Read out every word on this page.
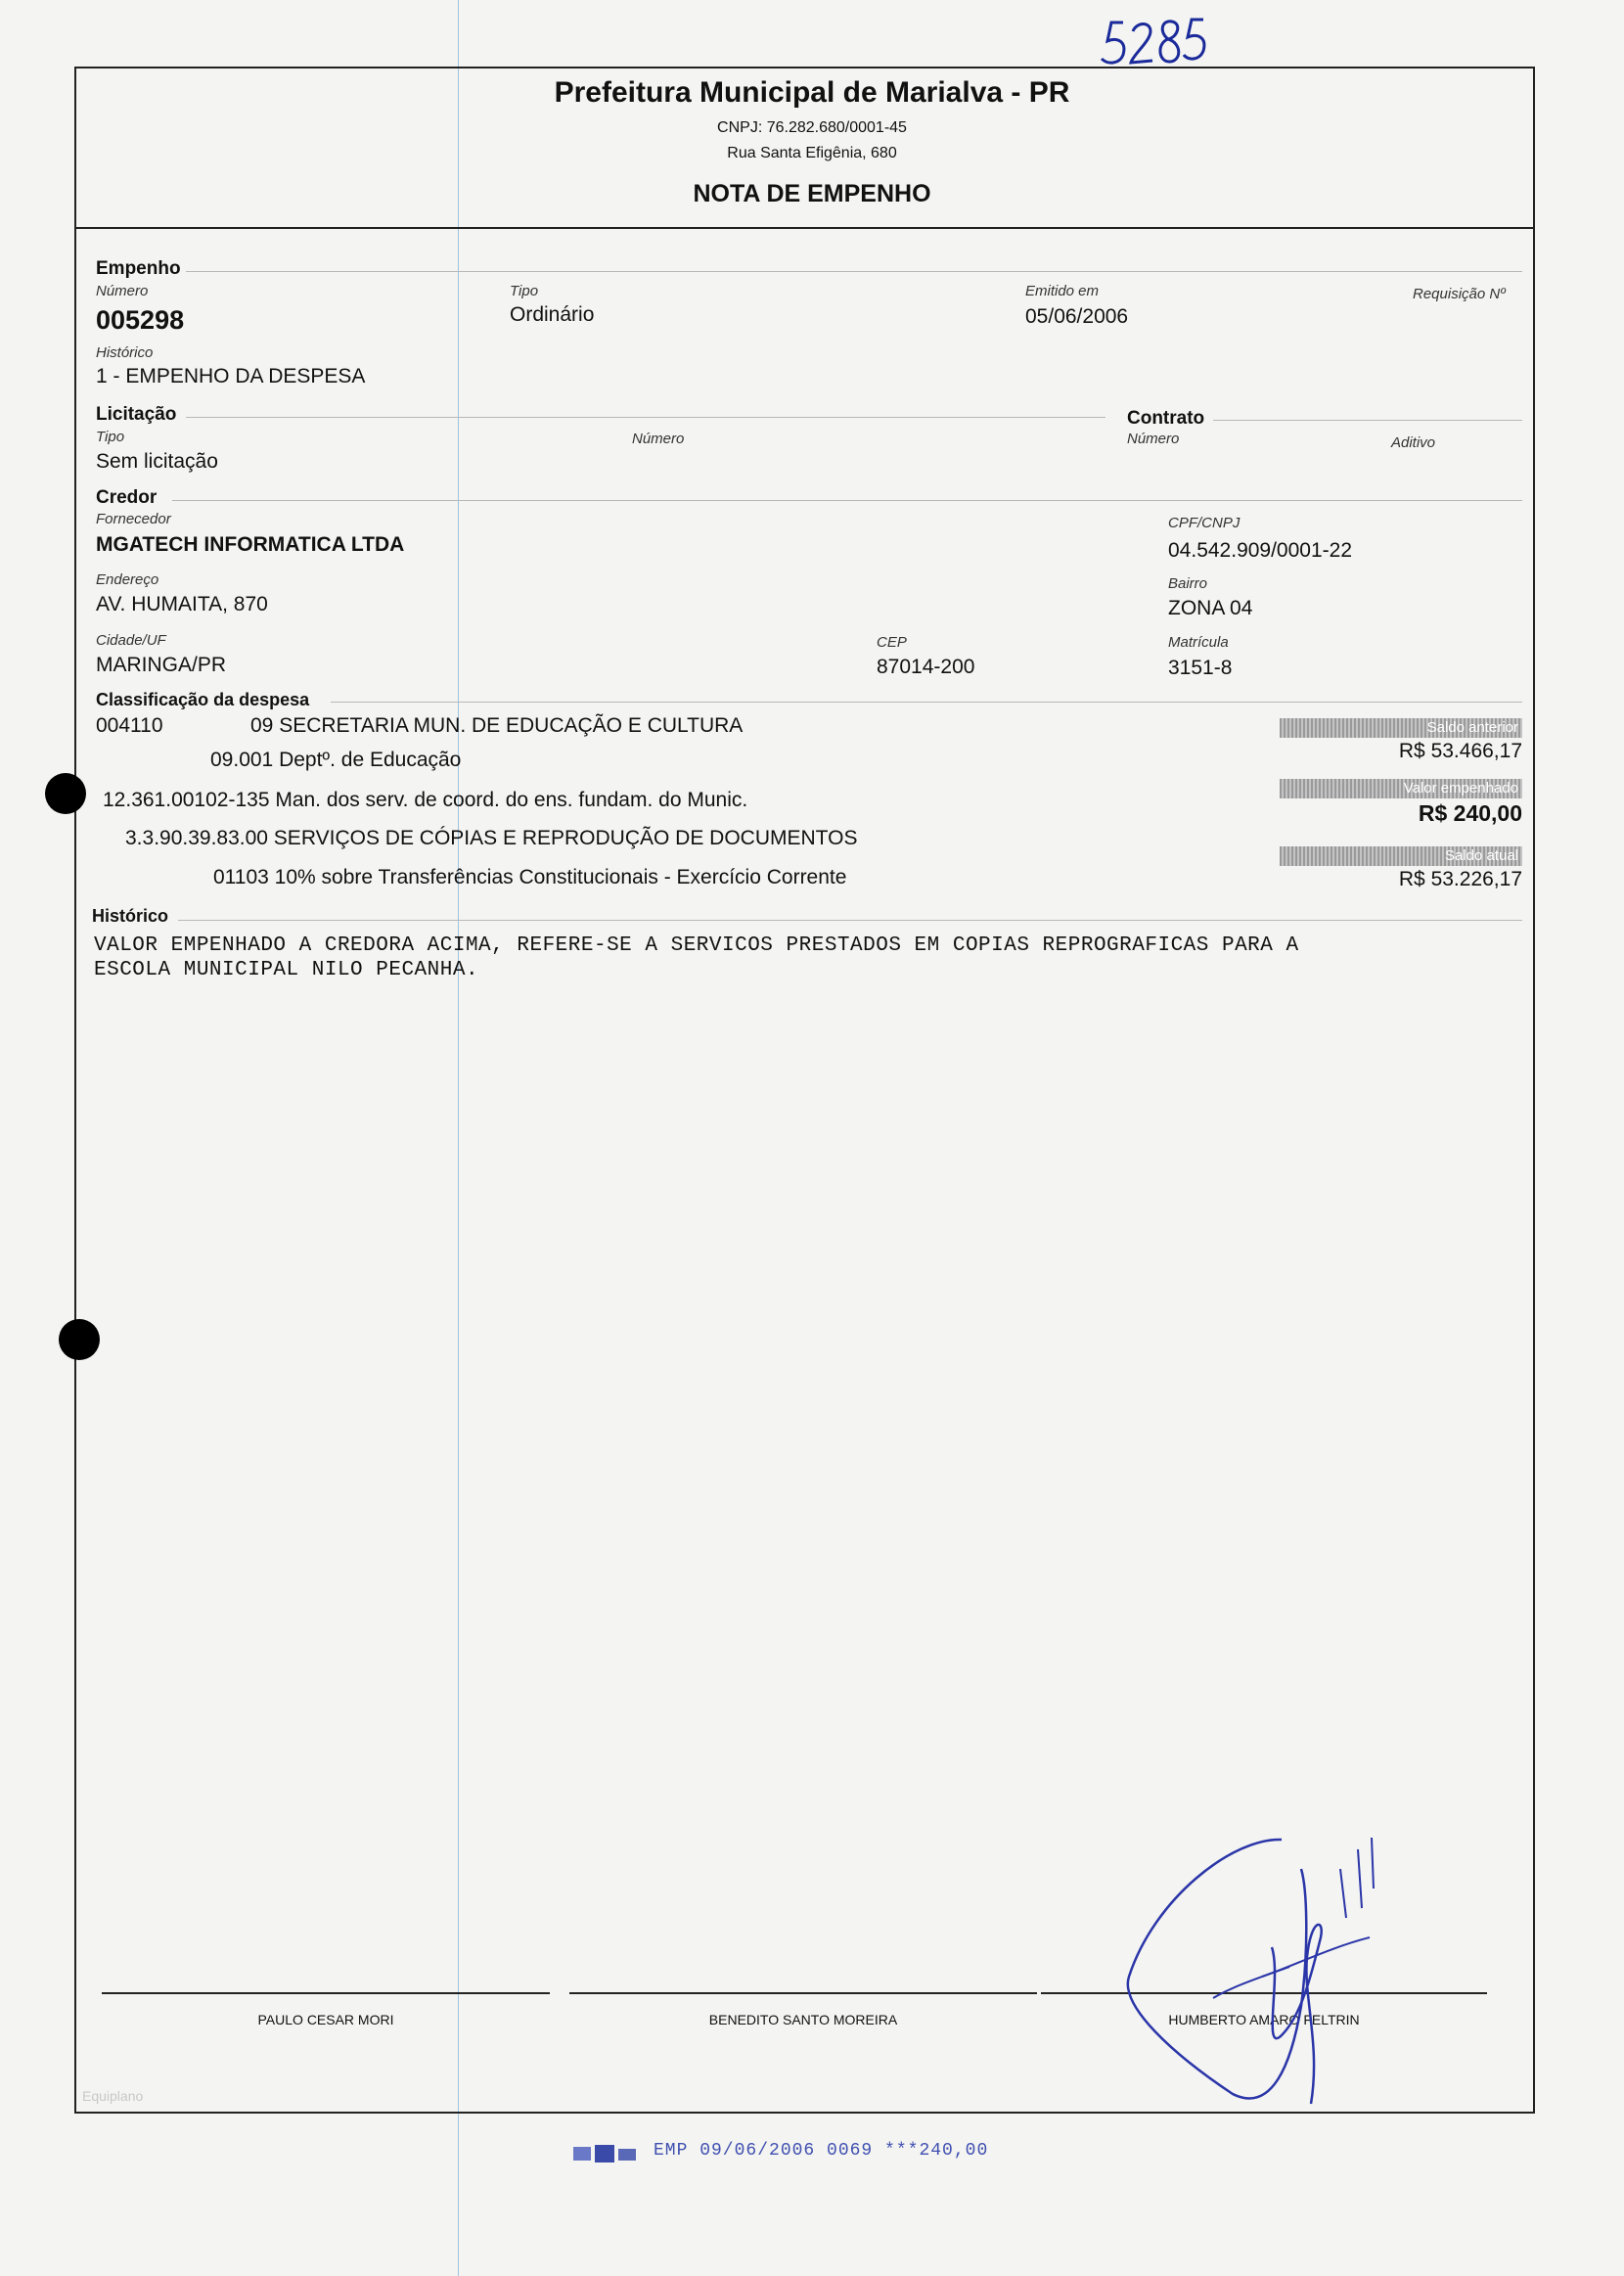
Prefeitura Municipal de Marialva - PR
CNPJ: 76.282.680/0001-45
Rua Santa Efigênia, 680
NOTA DE EMPENHO
Empenho
Número
005298
Tipo
Ordinário
Emitido em
05/06/2006
Requisição Nº
Histórico
1 - EMPENHO DA DESPESA
Licitação
Tipo
Sem licitação
Número
Contrato
Número	Aditivo
Credor
Fornecedor
MGATECH INFORMATICA LTDA
CPF/CNPJ
04.542.909/0001-22
Endereço
AV. HUMAITA, 870
Bairro
ZONA 04
Cidade/UF
MARINGA/PR
CEP
87014-200
Matrícula
3151-8
Classificação da despesa
004110	09 SECRETARIA MUN. DE EDUCAÇÃO E CULTURA
09.001 Deptº. de Educação
12.361.00102-135 Man. dos serv. de coord. do ens. fundam. do Munic.
3.3.90.39.83.00 SERVIÇOS DE CÓPIAS E REPRODUÇÃO DE DOCUMENTOS
01103 10% sobre Transferências Constitucionais - Exercício Corrente
Saldo anterior
R$ 53.466,17
Valor empenhado
R$ 240,00
Saldo atual
R$ 53.226,17
Histórico
VALOR EMPENHADO A CREDORA ACIMA, REFERE-SE A SERVICOS PRESTADOS EM COPIAS REPROGRAFICAS PARA A
ESCOLA MUNICIPAL NILO PECANHA.
PAULO CESAR MORI	BENEDITO SANTO MOREIRA	HUMBERTO AMARO FELTRIN
Equiplano
EMP 09/06/2006 0069 ***240,00
